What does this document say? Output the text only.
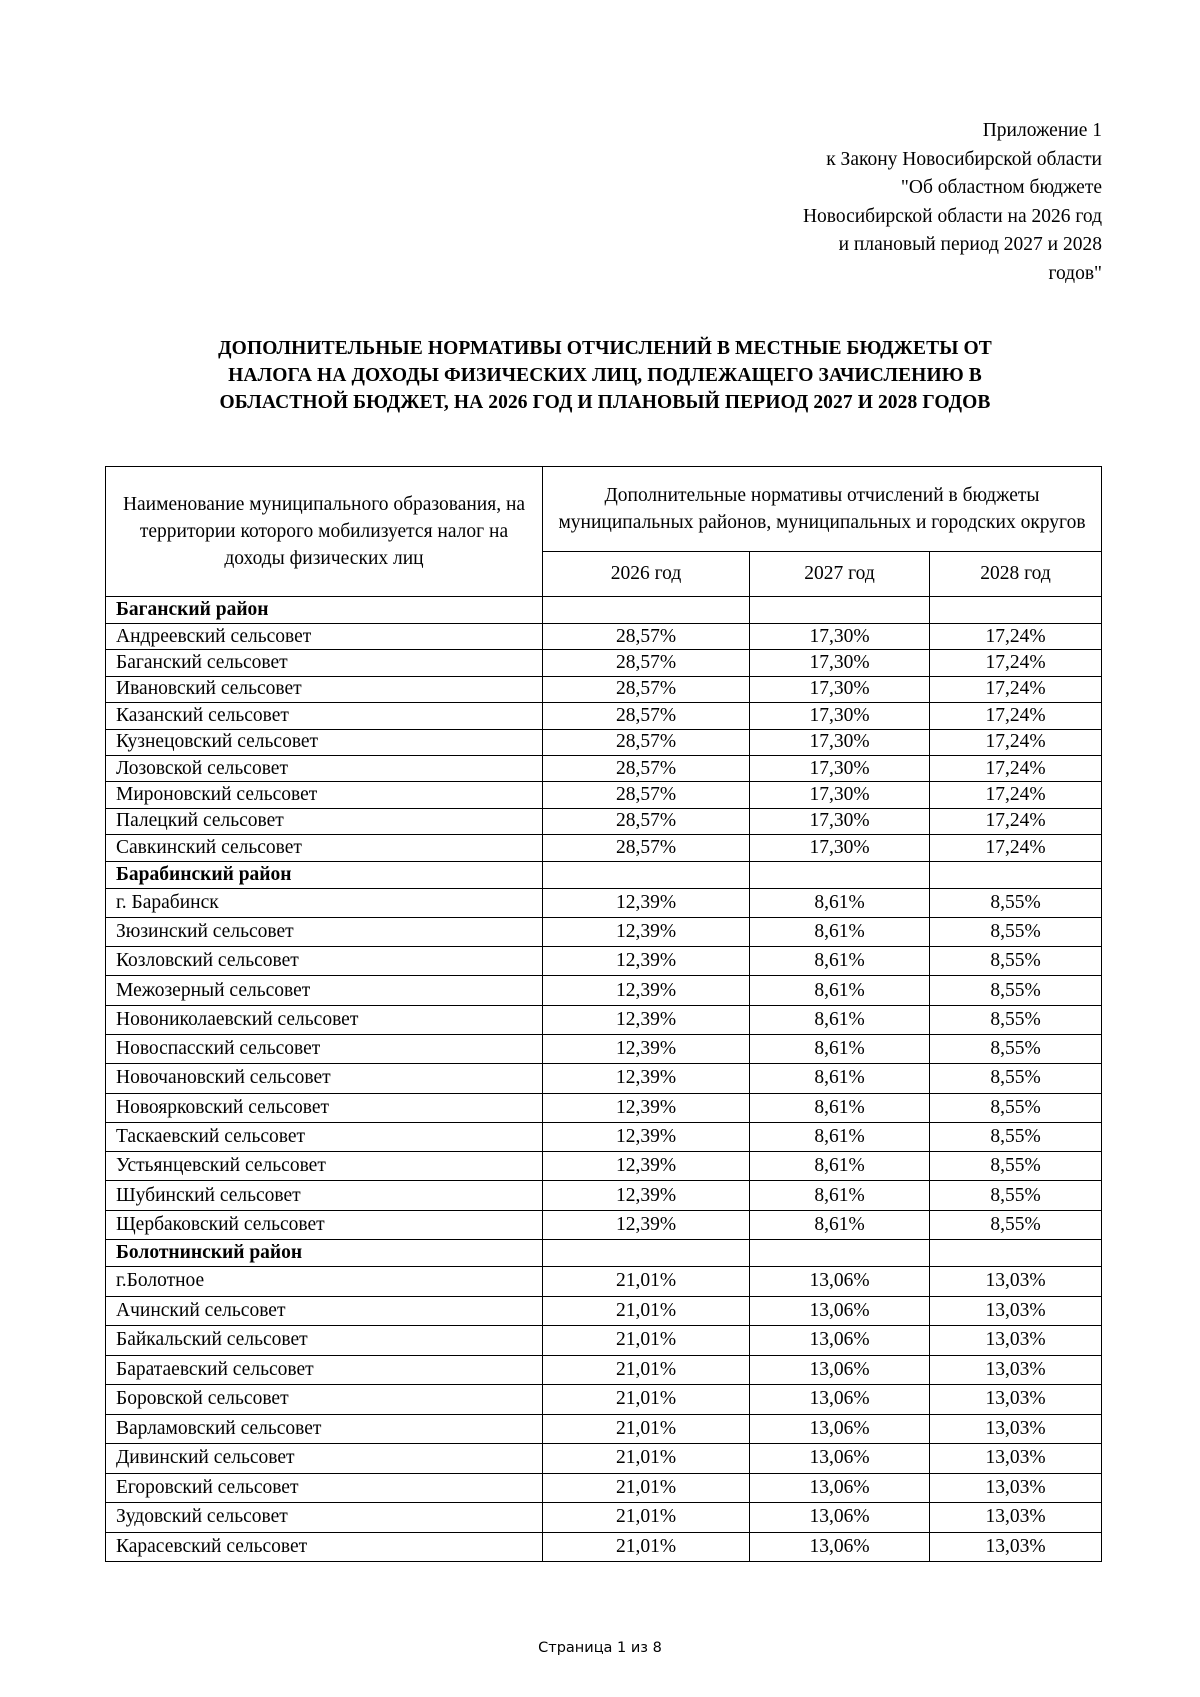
Приложение 1
к Закону Новосибирской области
"Об областном бюджете
Новосибирской области на 2026 год
и плановый период 2027 и 2028
годов"
ДОПОЛНИТЕЛЬНЫЕ НОРМАТИВЫ ОТЧИСЛЕНИЙ В МЕСТНЫЕ БЮДЖЕТЫ ОТ
НАЛОГА НА ДОХОДЫ ФИЗИЧЕСКИХ ЛИЦ, ПОДЛЕЖАЩЕГО ЗАЧИСЛЕНИЮ В
ОБЛАСТНОЙ БЮДЖЕТ, НА 2026 ГОД И ПЛАНОВЫЙ ПЕРИОД 2027 И 2028 ГОДОВ
Наименование муниципального образования, на территории которого мобилизуется налог на доходы физических лиц	Дополнительные нормативы отчислений в бюджеты муниципальных районов, муниципальных и городских округов		
	2026 год	2027 год	2028 год
Баганский район			
Андреевский сельсовет	28,57%	17,30%	17,24%
Баганский сельсовет	28,57%	17,30%	17,24%
Ивановский сельсовет	28,57%	17,30%	17,24%
Казанский сельсовет	28,57%	17,30%	17,24%
Кузнецовский сельсовет	28,57%	17,30%	17,24%
Лозовской сельсовет	28,57%	17,30%	17,24%
Мироновский сельсовет	28,57%	17,30%	17,24%
Палецкий сельсовет	28,57%	17,30%	17,24%
Савкинский сельсовет	28,57%	17,30%	17,24%
Барабинский район			
г. Барабинск	12,39%	8,61%	8,55%
Зюзинский сельсовет	12,39%	8,61%	8,55%
Козловский сельсовет	12,39%	8,61%	8,55%
Межозерный сельсовет	12,39%	8,61%	8,55%
Новониколаевский сельсовет	12,39%	8,61%	8,55%
Новоспасский сельсовет	12,39%	8,61%	8,55%
Новочановский сельсовет	12,39%	8,61%	8,55%
Новоярковский сельсовет	12,39%	8,61%	8,55%
Таскаевский сельсовет	12,39%	8,61%	8,55%
Устьянцевский сельсовет	12,39%	8,61%	8,55%
Шубинский сельсовет	12,39%	8,61%	8,55%
Щербаковский сельсовет	12,39%	8,61%	8,55%
Болотнинский район			
г.Болотное	21,01%	13,06%	13,03%
Ачинский сельсовет	21,01%	13,06%	13,03%
Байкальский сельсовет	21,01%	13,06%	13,03%
Баратаевский сельсовет	21,01%	13,06%	13,03%
Боровской сельсовет	21,01%	13,06%	13,03%
Варламовский сельсовет	21,01%	13,06%	13,03%
Дивинский сельсовет	21,01%	13,06%	13,03%
Егоровский сельсовет	21,01%	13,06%	13,03%
Зудовский сельсовет	21,01%	13,06%	13,03%
Карасевский сельсовет	21,01%	13,06%	13,03%
Страница 1 из 8
